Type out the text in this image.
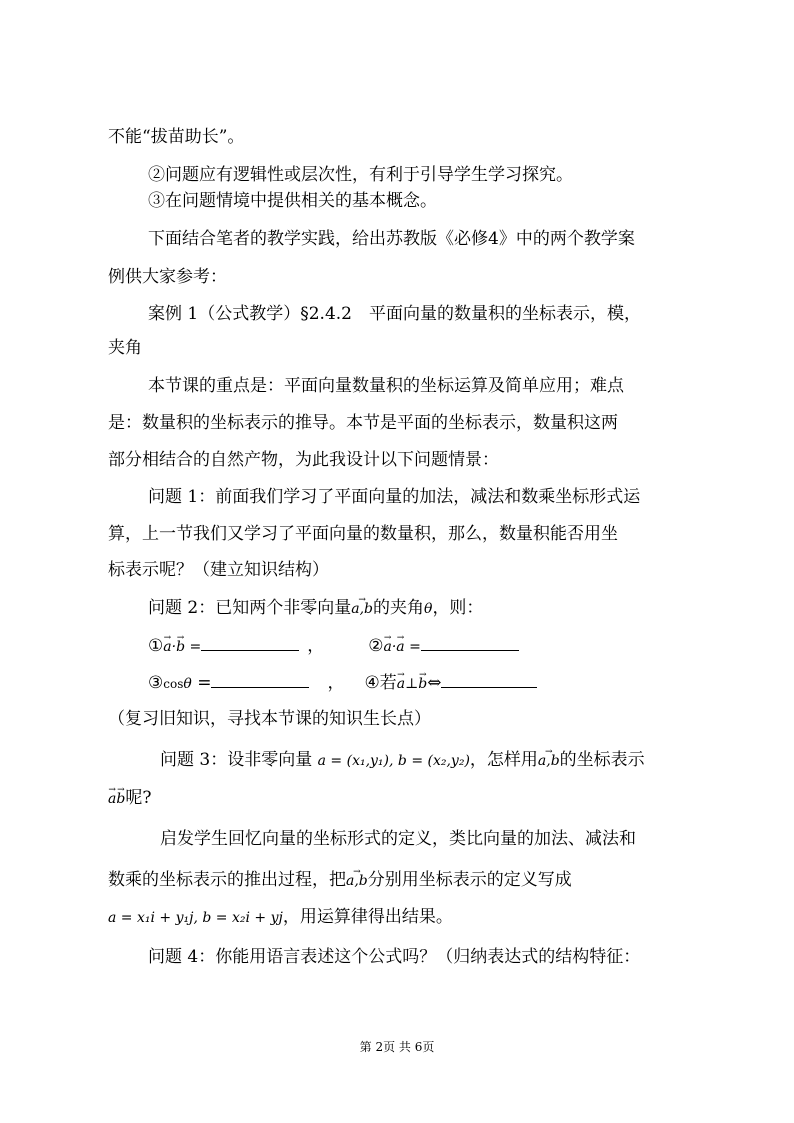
不能“拔苗助长”。
②问题应有逻辑性或层次性，有利于引导学生学习探究。
③在问题情境中提供相关的基本概念。
下面结合笔者的教学实践，给出苏教版《必修4》中的两个教学案
例供大家参考：
案例 1（公式教学）§2.4.2　平面向量的数量积的坐标表示，模，
夹角
本节课的重点是：平面向量数量积的坐标运算及简单应用；难点
是：数量积的坐标表示的推导。本节是平面的坐标表示，数量积这两
部分相结合的自然产物，为此我设计以下问题情景：
问题 1：前面我们学习了平面向量的加法，减法和数乘坐标形式运
算，上一节我们又学习了平面向量的数量积，那么，数量积能否用坐
标表示呢？（建立知识结构）
问题 2：已知两个非零向量→ a,b的夹角θ，则：
①→ a·→ b =	，	②→ a·→ a =
③cosθ =	， ④若→ a⊥→ b⇔
（复习旧知识，寻找本节课的知识生长点）
问题 3：设非零向量 a = (x₁,y₁), b = (x₂,y₂)，怎样用→ a,b的坐标表示
→ a→ b呢?
启发学生回忆向量的坐标形式的定义，类比向量的加法、减法和
数乘的坐标表示的推出过程，把→ a,b分别用坐标表示的定义写成
a = x₁i + y₁j, b = x₂i + yj，用运算律得出结果。
问题 4：你能用语言表述这个公式吗？（归纳表达式的结构特征：
第 2页 共 6页
